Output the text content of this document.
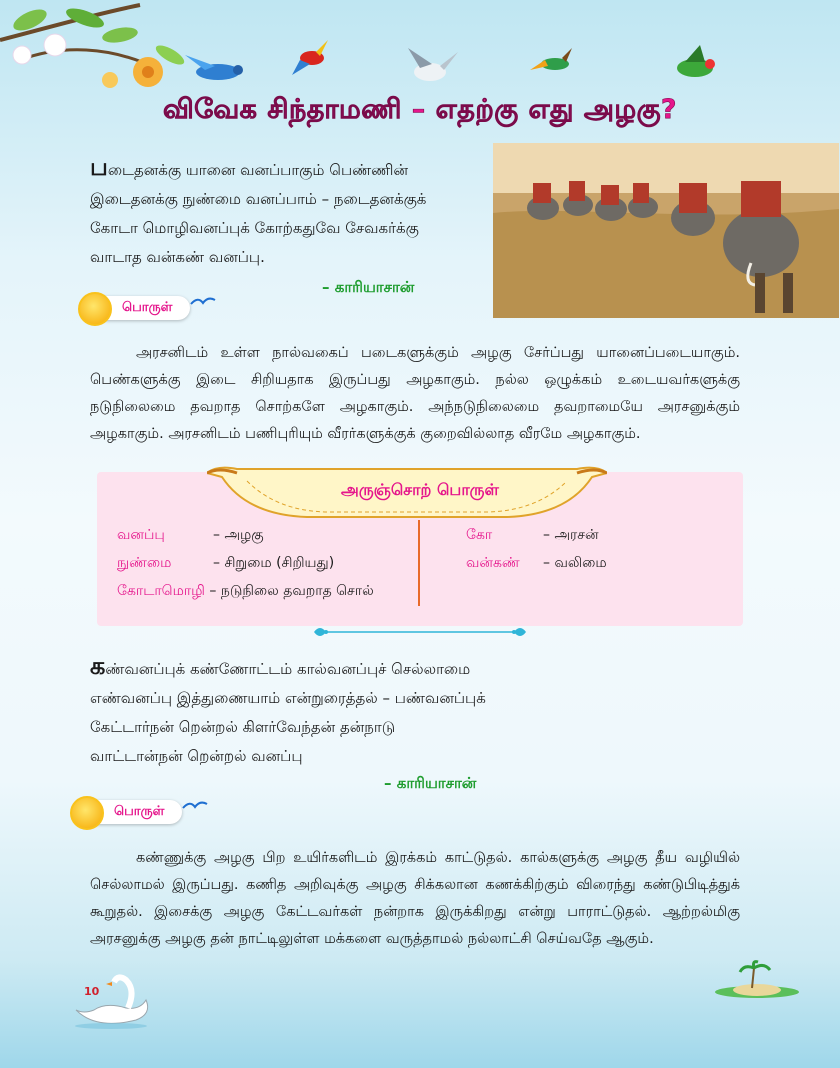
விவேக சிந்தாமணி – எதற்கு எது அழகு?

படைதனக்கு யானை வனப்பாகும் பெண்ணின்

இடைதனக்கு நுண்மை வனப்பாம் – நடைதனக்குக்

கோடா மொழிவனப்புக் கோற்கதுவே சேவகர்க்கு

வாடாத வன்கண் வனப்பு.

– காரியாசான்
பொருள்

அரசனிடம் உள்ள நால்வகைப் படைகளுக்கும் அழகு சேர்ப்பது யானைப்படையாகும். பெண்களுக்கு இடை சிறியதாக இருப்பது அழகாகும். நல்ல ஒழுக்கம் உடையவர்களுக்கு நடுநிலைமை தவறாத சொற்களே அழகாகும். அந்நடுநிலைமை தவறாமையே அரசனுக்கும் அழகாகும். அரசனிடம் பணிபுரியும் வீரர்களுக்குக் குறைவில்லாத வீரமே அழகாகும்.

அருஞ்சொற் பொருள்
வனப்பு	– அழகு
நுண்மை	– சிறுமை (சிறியது)
கோடாமொழி – நடுநிலை தவறாத சொல்
கோ	– அரசன்
வன்கண் – வலிமை

கண்வனப்புக் கண்ணோட்டம் கால்வனப்புச் செல்லாமை

எண்வனப்பு இத்துணையாம் என்றுரைத்தல் – பண்வனப்புக்

கேட்டார்நன் றென்றல் கிளர்வேந்தன் தன்நாடு

வாட்டான்நன் றென்றல் வனப்பு

– காரியாசான்
பொருள்

கண்ணுக்கு அழகு பிற உயிர்களிடம் இரக்கம் காட்டுதல். கால்களுக்கு அழகு தீய வழியில் செல்லாமல் இருப்பது. கணித அறிவுக்கு அழகு சிக்கலான கணக்கிற்கும் விரைந்து கண்டுபிடித்துக் கூறுதல். இசைக்கு அழகு கேட்டவர்கள் நன்றாக இருக்கிறது என்று பாராட்டுதல். ஆற்றல்மிகு அரசனுக்கு அழகு தன் நாட்டிலுள்ள மக்களை வருத்தாமல் நல்லாட்சி செய்வதே ஆகும்.

10
